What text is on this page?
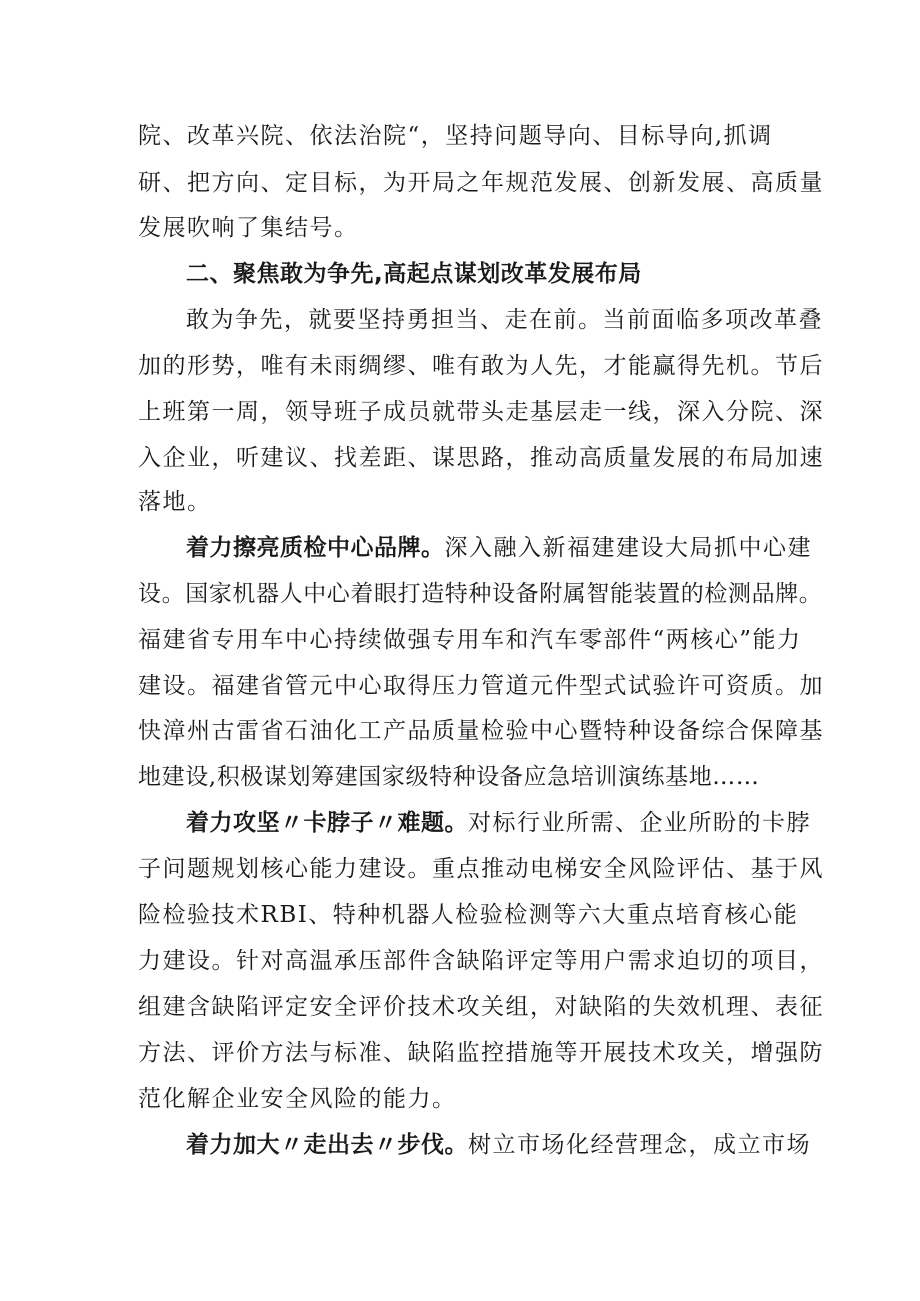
院、改革兴院、依法治院“，坚持问题导向、目标导向,抓调
研、把方向、定目标，为开局之年规范发展、创新发展、高质量
发展吹响了集结号。
二、聚焦敢为争先,高起点谋划改革发展布局
敢为争先，就要坚持勇担当、走在前。当前面临多项改革叠
加的形势，唯有未雨绸缪、唯有敢为人先，才能赢得先机。节后
上班第一周，领导班子成员就带头走基层走一线，深入分院、深
入企业，听建议、找差距、谋思路，推动高质量发展的布局加速
落地。
着力擦亮质检中心品牌。深入融入新福建建设大局抓中心建
设。国家机器人中心着眼打造特种设备附属智能装置的检测品牌。
福建省专用车中心持续做强专用车和汽车零部件“两核心”能力
建设。福建省管元中心取得压力管道元件型式试验许可资质。加
快漳州古雷省石油化工产品质量检验中心暨特种设备综合保障基
地建设,积极谋划筹建国家级特种设备应急培训演练基地……
着力攻坚〃卡脖子〃难题。对标行业所需、企业所盼的卡脖
子问题规划核心能力建设。重点推动电梯安全风险评估、基于风
险检验技术RBI、特种机器人检验检测等六大重点培育核心能
力建设。针对高温承压部件含缺陷评定等用户需求迫切的项目，
组建含缺陷评定安全评价技术攻关组，对缺陷的失效机理、表征
方法、评价方法与标准、缺陷监控措施等开展技术攻关，增强防
范化解企业安全风险的能力。
着力加大〃走出去〃步伐。树立市场化经营理念，成立市场
